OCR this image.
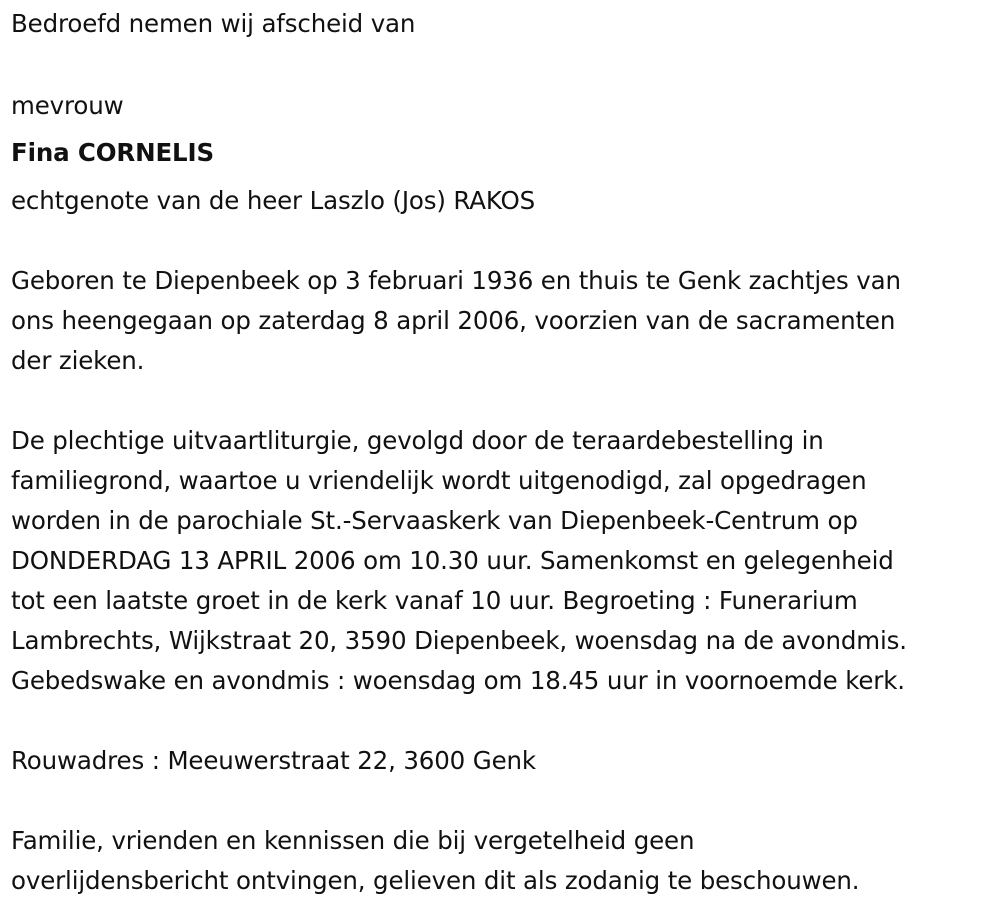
Bedroefd nemen wij afscheid van
mevrouw
Fina CORNELIS
echtgenote van de heer Laszlo (Jos) RAKOS
Geboren te Diepenbeek op 3 februari 1936 en thuis te Genk zachtjes van
ons heengegaan op zaterdag 8 april 2006, voorzien van de sacramenten
der zieken.
De plechtige uitvaartliturgie, gevolgd door de teraardebestelling in
familiegrond, waartoe u vriendelijk wordt uitgenodigd, zal opgedragen
worden in de parochiale St.-Servaaskerk van Diepenbeek-Centrum op
DONDERDAG 13 APRIL 2006 om 10.30 uur. Samenkomst en gelegenheid
tot een laatste groet in de kerk vanaf 10 uur. Begroeting : Funerarium
Lambrechts, Wijkstraat 20, 3590 Diepenbeek, woensdag na de avondmis.
Gebedswake en avondmis : woensdag om 18.45 uur in voornoemde kerk.
Rouwadres : Meeuwerstraat 22, 3600 Genk
Familie, vrienden en kennissen die bij vergetelheid geen
overlijdensbericht ontvingen, gelieven dit als zodanig te beschouwen.
